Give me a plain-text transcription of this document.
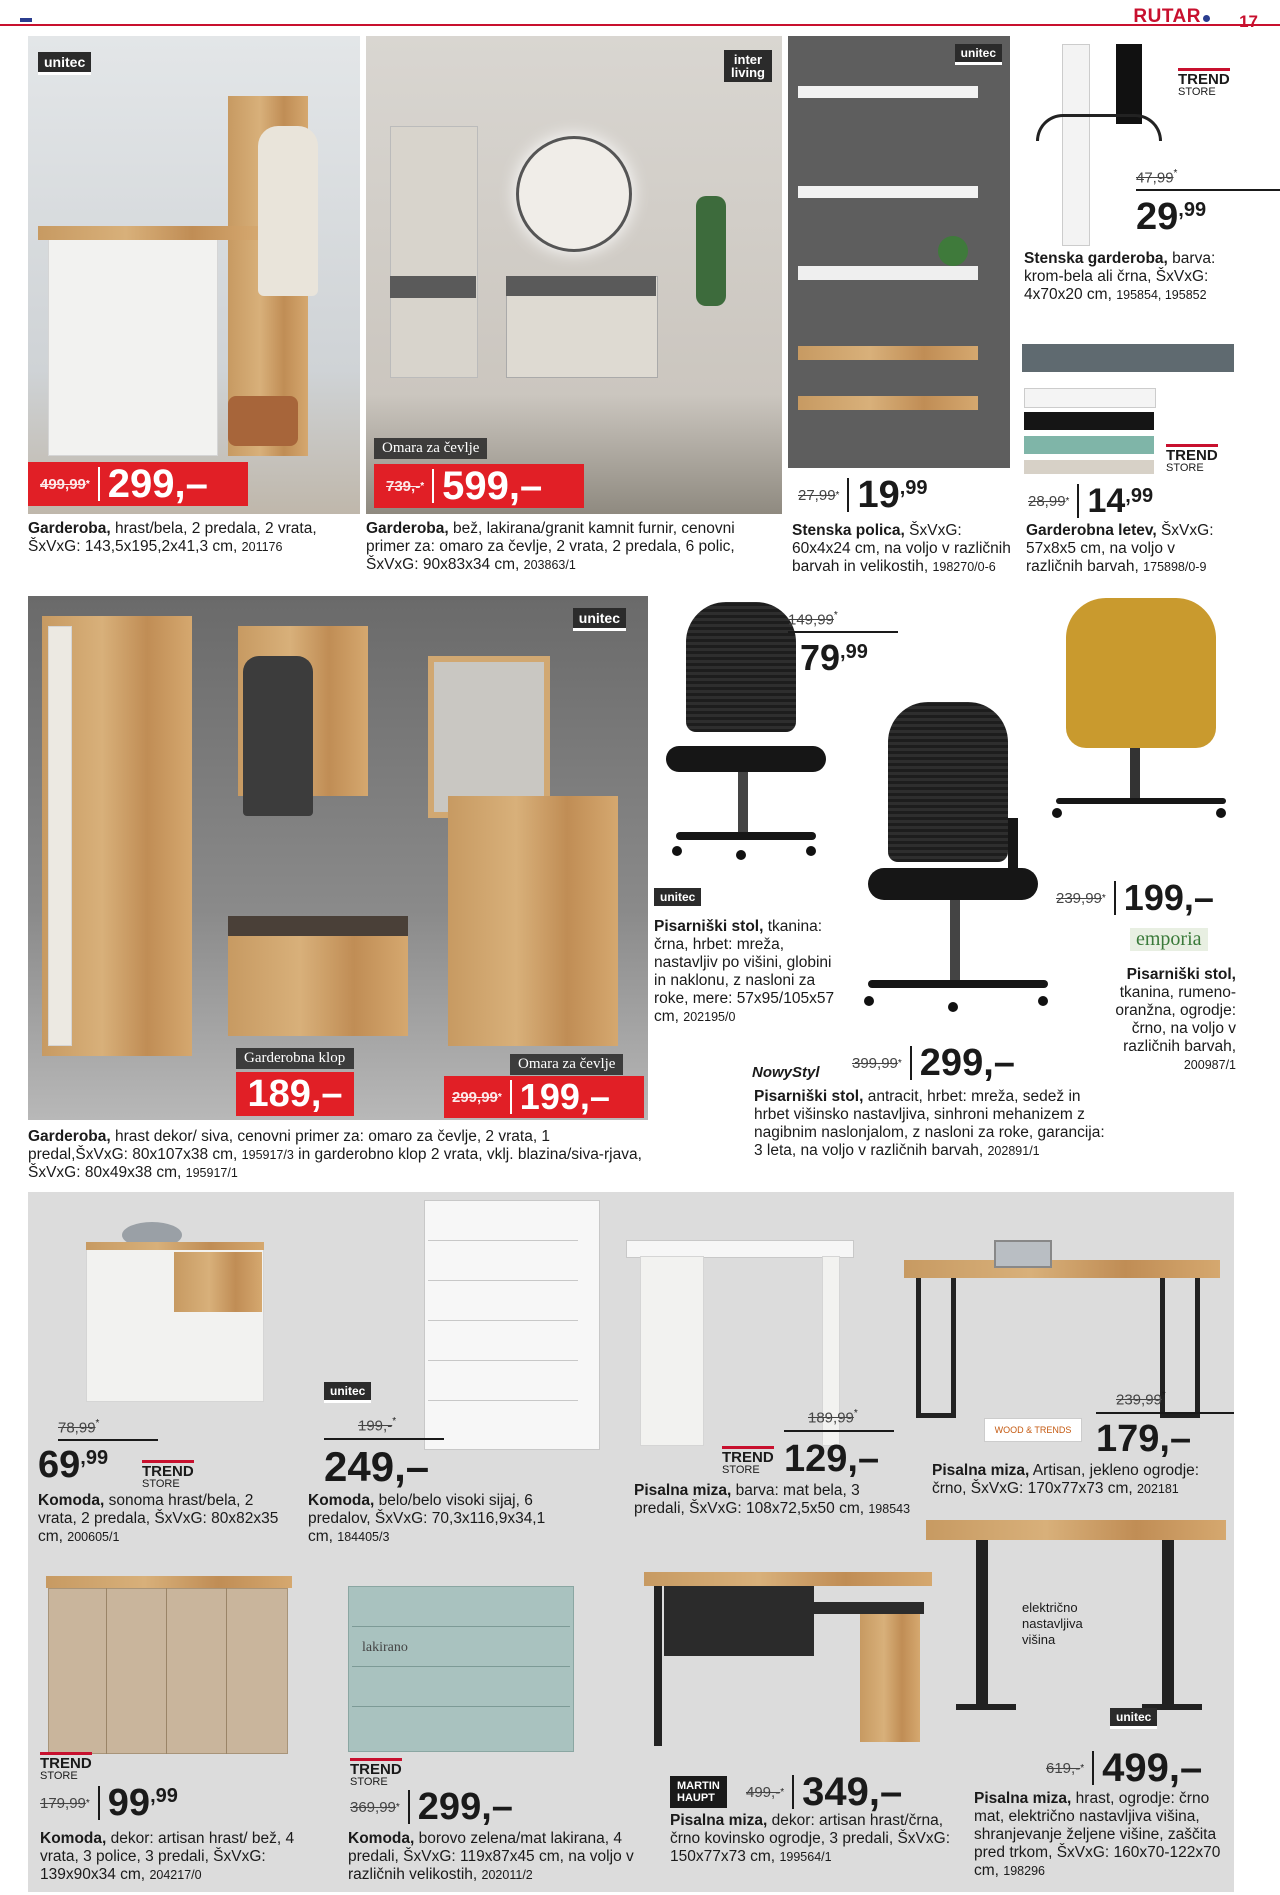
RUTAR	17
unitec
499,99 * 299,–
Garderoba, hrast/bela, 2 predala, 2 vrata, ŠxVxG: 143,5x195,2x41,3 cm, 201176
inter living
Omara za čevlje
739,- * 599,–
Garderoba, bež, lakirana/granit kamnit furnir, cenovni primer za: omaro za čevlje, 2 vrata, 2 predala, 6 polic, ŠxVxG: 90x83x34 cm, 203863/1
unitec
$27,99 * 19^{,99}$
Stenska polica, ŠxVxG: 60x4x24 cm, na voljo v različnih barvah in velikostih, 198270/0-6
TREND
STORE
47,99*
$29^{,99}$
Stenska garderoba, barva: krom-bela ali črna, ŠxVxG: 4x70x20 cm, 195854, 195852
TREND
STORE
$28,99 * 14^{,99}$
Garderobna letev, ŠxVxG: 57x8x5 cm, na voljo v različnih barvah, 175898/0-9
unitec
Garderobna klop
189,–
Omara za čevlje
299,99 * 199,–
Garderoba, hrast dekor/ siva, cenovni primer za: omaro za čevlje, 2 vrata, 1 predal,ŠxVxG: 80x107x38 cm, 195917/3 in garderobno klop 2 vrata, vklj. blazina/siva-rjava, ŠxVxG: 80x49x38 cm, 195917/1
149,99*
$79^{,99}$
unitec
Pisarniški stol, tkanina: črna, hrbet: mreža, nastavljiv po višini, globini in naklonu, z nasloni za roke, mere: 57x95/105x57 cm, 202195/0
NowyStyl
399,99 * 299,–
Pisarniški stol, antracit, hrbet: mreža, sedež in hrbet višinsko nastavljiva, sinhroni mehanizem z nagibnim naslonjalom, z nasloni za roke, garancija: 3 leta, na voljo v različnih barvah, 202891/1
239,99 * 199,–
emporia
Pisarniški stol, tkanina, rumeno-oranžna, ogrodje: črno, na voljo v različnih barvah, 200987/1
78,99*
$69^{,99}$
TREND
STORE
Komoda, sonoma hrast/bela, 2 vrata, 2 predala, ŠxVxG: 80x82x35 cm, 200605/1
unitec
199,-*
249,–
Komoda, belo/belo visoki sijaj, 6 predalov, ŠxVxG: 70,3x116,9x34,1 cm, 184405/3
189,99*
TREND
STORE 129,–
Pisalna miza, barva: mat bela, 3 predali, ŠxVxG: 108x72,5x50 cm, 198543
WOOD & TRENDS
239,99*
179,–
Pisalna miza, Artisan, jekleno ogrodje: črno, ŠxVxG: 170x77x73 cm, 202181
TREND
STORE
$179,99 * 99^{,99}$
Komoda, dekor: artisan hrast/ bež, 4 vrata, 3 police, 3 predali, ŠxVxG: 139x90x34 cm, 204217/0
lakirano
TREND
STORE
369,99 * 299,–
Komoda, borovo zelena/mat lakirana, 4 predali, ŠxVxG: 119x87x45 cm, na voljo v različnih velikostih, 202011/2
MARTIN
HAUPT	499,- * 349,–
Pisalna miza, dekor: artisan hrast/črna, črno kovinsko ogrodje, 3 predali, ŠxVxG: 150x77x73 cm, 199564/1
električno nastavljiva višina
unitec
619,- * 499,–
Pisalna miza, hrast, ogrodje: črno mat, električno nastavljiva višina, shranjevanje željene višine, zaščita pred trkom, ŠxVxG: 160x70-122x70 cm, 198296
